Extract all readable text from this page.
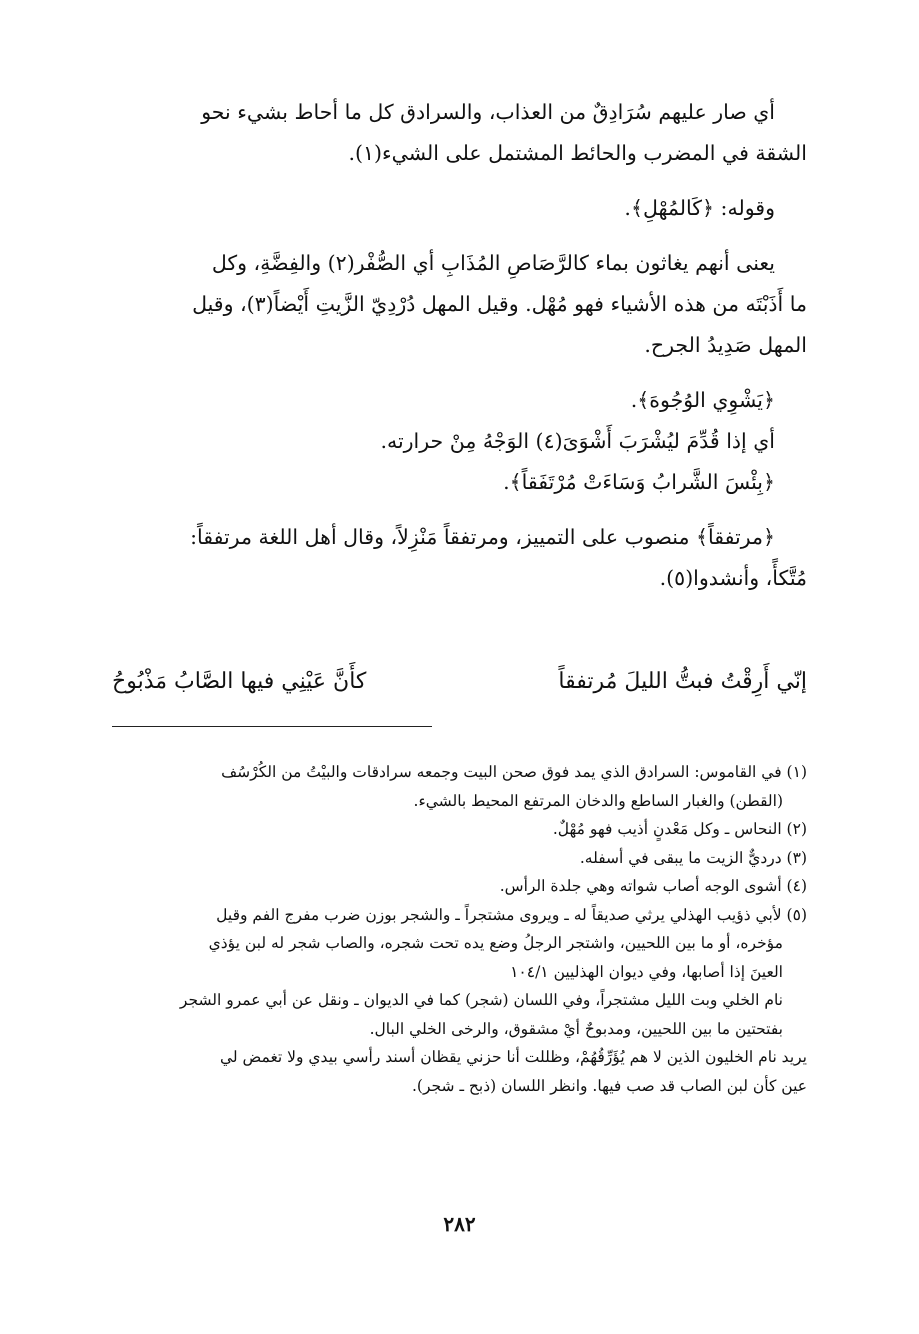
أي صار عليهم سُرَادِقٌ من العذاب، والسرادق كل ما أحاط بشيء نحو

الشقة في المضرب والحائط المشتمل على الشيء(١).

وقوله: ﴿كَالمُهْلِ﴾.

يعنى أنهم يغاثون بماء كالرَّصَاصِ المُذَابِ أي الصُّفْر(٢) والفِضَّةِ، وكل

ما أَذَبْتَه من هذه الأشياء فهو مُهْل. وقيل المهل دُرْدِيّ الزَّيتِ أَيْضاً(٣)، وقيل

المهل صَدِيدُ الجرح.

﴿يَشْوِي الوُجُوهَ﴾.

أي إذا قُدِّمَ ليُشْرَبَ أَشْوَىَ(٤) الوَجْهُ مِنْ حرارته.

﴿بِئْسَ الشَّرابُ وَسَاءَتْ مُرْتَفَقاً﴾.

﴿مرتفقاً﴾ منصوب على التمييز، ومرتفقاً مَنْزِلاً، وقال أهل اللغة مرتفقاً:

مُتَّكأً، وأنشدوا(٥).

إنّي أَرِقْتُ فبتُّ الليلَ مُرتفقاً
كأَنَّ عَيْنِي فيها الصَّابُ مَذْبُوحُ

(١) في القاموس: السرادق الذي يمد فوق صحن البيت وجمعه سرادقات والبيْتُ من الكُرْسُف

(القطن) والغبار الساطع والدخان المرتفع المحيط بالشيء.

(٢) النحاس ـ وكل مَعْدنٍ أذيب فهو مُهْلٌ.

(٣) درديٌّ الزيت ما يبقى في أسفله.

(٤) أشوى الوجه أصاب شواته وهي جلدة الرأس.

(٥) لأبي ذؤيب الهذلي يرثي صديقاً له ـ ويروى مشتجراً ـ والشجر بوزن ضرب مفرج الفم وقيل

مؤخره، أو ما بين اللحيين، واشتجر الرجلُ وضع يده تحت شجره، والصاب شجر له لبن يؤذي

العينَ إذا أصابها، وفي ديوان الهذليين ١٠٤/١

نام الخلي وبت الليل مشتجراً، وفي اللسان (شجر) كما في الديوان ـ ونقل عن أبي عمرو الشجر

بفتحتين ما بين اللحيين، ومدبوحٌ أيْ مشقوق، والرخى الخلي البال.

يريد نام الخليون الذين لا هم يُؤَرِّقُهُمْ، وظللت أنا حزني يقظان أسند رأسي بيدي ولا تغمض لي

عين كأن لبن الصاب قد صب فيها. وانظر اللسان (ذبح ـ شجر).

٢٨٢
